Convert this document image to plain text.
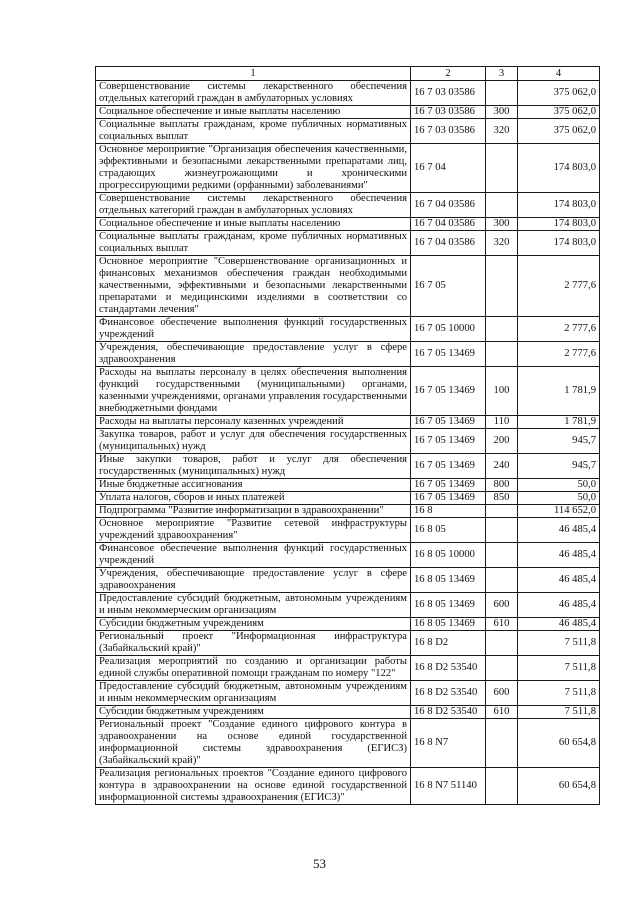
1	2	3	4
Совершенствование системы лекарственного обеспечения отдельных категорий граждан в амбулаторных условиях	16 7 03 03586		375 062,0
Социальное обеспечение и иные выплаты населению	16 7 03 03586	300	375 062,0
Социальные выплаты гражданам, кроме публичных нормативных социальных выплат	16 7 03 03586	320	375 062,0
Основное мероприятие "Организация обеспечения качественными, эффективными и безопасными лекарственными препаратами лиц, страдающих жизнеугрожающими и хроническими прогрессирующими редкими (орфанными) заболеваниями"	16 7 04		174 803,0
Совершенствование системы лекарственного обеспечения отдельных категорий граждан в амбулаторных условиях	16 7 04 03586		174 803,0
Социальное обеспечение и иные выплаты населению	16 7 04 03586	300	174 803,0
Социальные выплаты гражданам, кроме публичных нормативных социальных выплат	16 7 04 03586	320	174 803,0
Основное мероприятие "Совершенствование организационных и финансовых механизмов обеспечения граждан необходимыми качественными, эффективными и безопасными лекарственными препаратами и медицинскими изделиями в соответствии со стандартами лечения"	16 7 05		2 777,6
Финансовое обеспечение выполнения функций государственных учреждений	16 7 05 10000		2 777,6
Учреждения, обеспечивающие предоставление услуг в сфере здравоохранения	16 7 05 13469		2 777,6
Расходы на выплаты персоналу в целях обеспечения выполнения функций государственными (муниципальными) органами, казенными учреждениями, органами управления государственными внебюджетными фондами	16 7 05 13469	100	1 781,9
Расходы на выплаты персоналу казенных учреждений	16 7 05 13469	110	1 781,9
Закупка товаров, работ и услуг для обеспечения государственных (муниципальных) нужд	16 7 05 13469	200	945,7
Иные закупки товаров, работ и услуг для обеспечения государственных (муниципальных) нужд	16 7 05 13469	240	945,7
Иные бюджетные ассигнования	16 7 05 13469	800	50,0
Уплата налогов, сборов и иных платежей	16 7 05 13469	850	50,0
Подпрограмма "Развитие информатизации в здравоохранении"	16 8		114 652,0
Основное мероприятие "Развитие сетевой инфраструктуры учреждений здравоохранения"	16 8 05		46 485,4
Финансовое обеспечение выполнения функций государственных учреждений	16 8 05 10000		46 485,4
Учреждения, обеспечивающие предоставление услуг в сфере здравоохранения	16 8 05 13469		46 485,4
Предоставление субсидий бюджетным, автономным учреждениям и иным некоммерческим организациям	16 8 05 13469	600	46 485,4
Субсидии бюджетным учреждениям	16 8 05 13469	610	46 485,4
Региональный проект "Информационная инфраструктура (Забайкальский край)"	16 8 D2		7 511,8
Реализация мероприятий по созданию и организации работы единой службы оперативной помощи гражданам по номеру "122"	16 8 D2 53540		7 511,8
Предоставление субсидий бюджетным, автономным учреждениям и иным некоммерческим организациям	16 8 D2 53540	600	7 511,8
Субсидии бюджетным учреждениям	16 8 D2 53540	610	7 511,8
Региональный проект "Создание единого цифрового контура в здравоохранении на основе единой государственной информационной системы здравоохранения (ЕГИСЗ) (Забайкальский край)"	16 8 N7		60 654,8
Реализация региональных проектов "Создание единого цифрового контура в здравоохранении на основе единой государственной информационной системы здравоохранения (ЕГИСЗ)"	16 8 N7 51140		60 654,8
53
